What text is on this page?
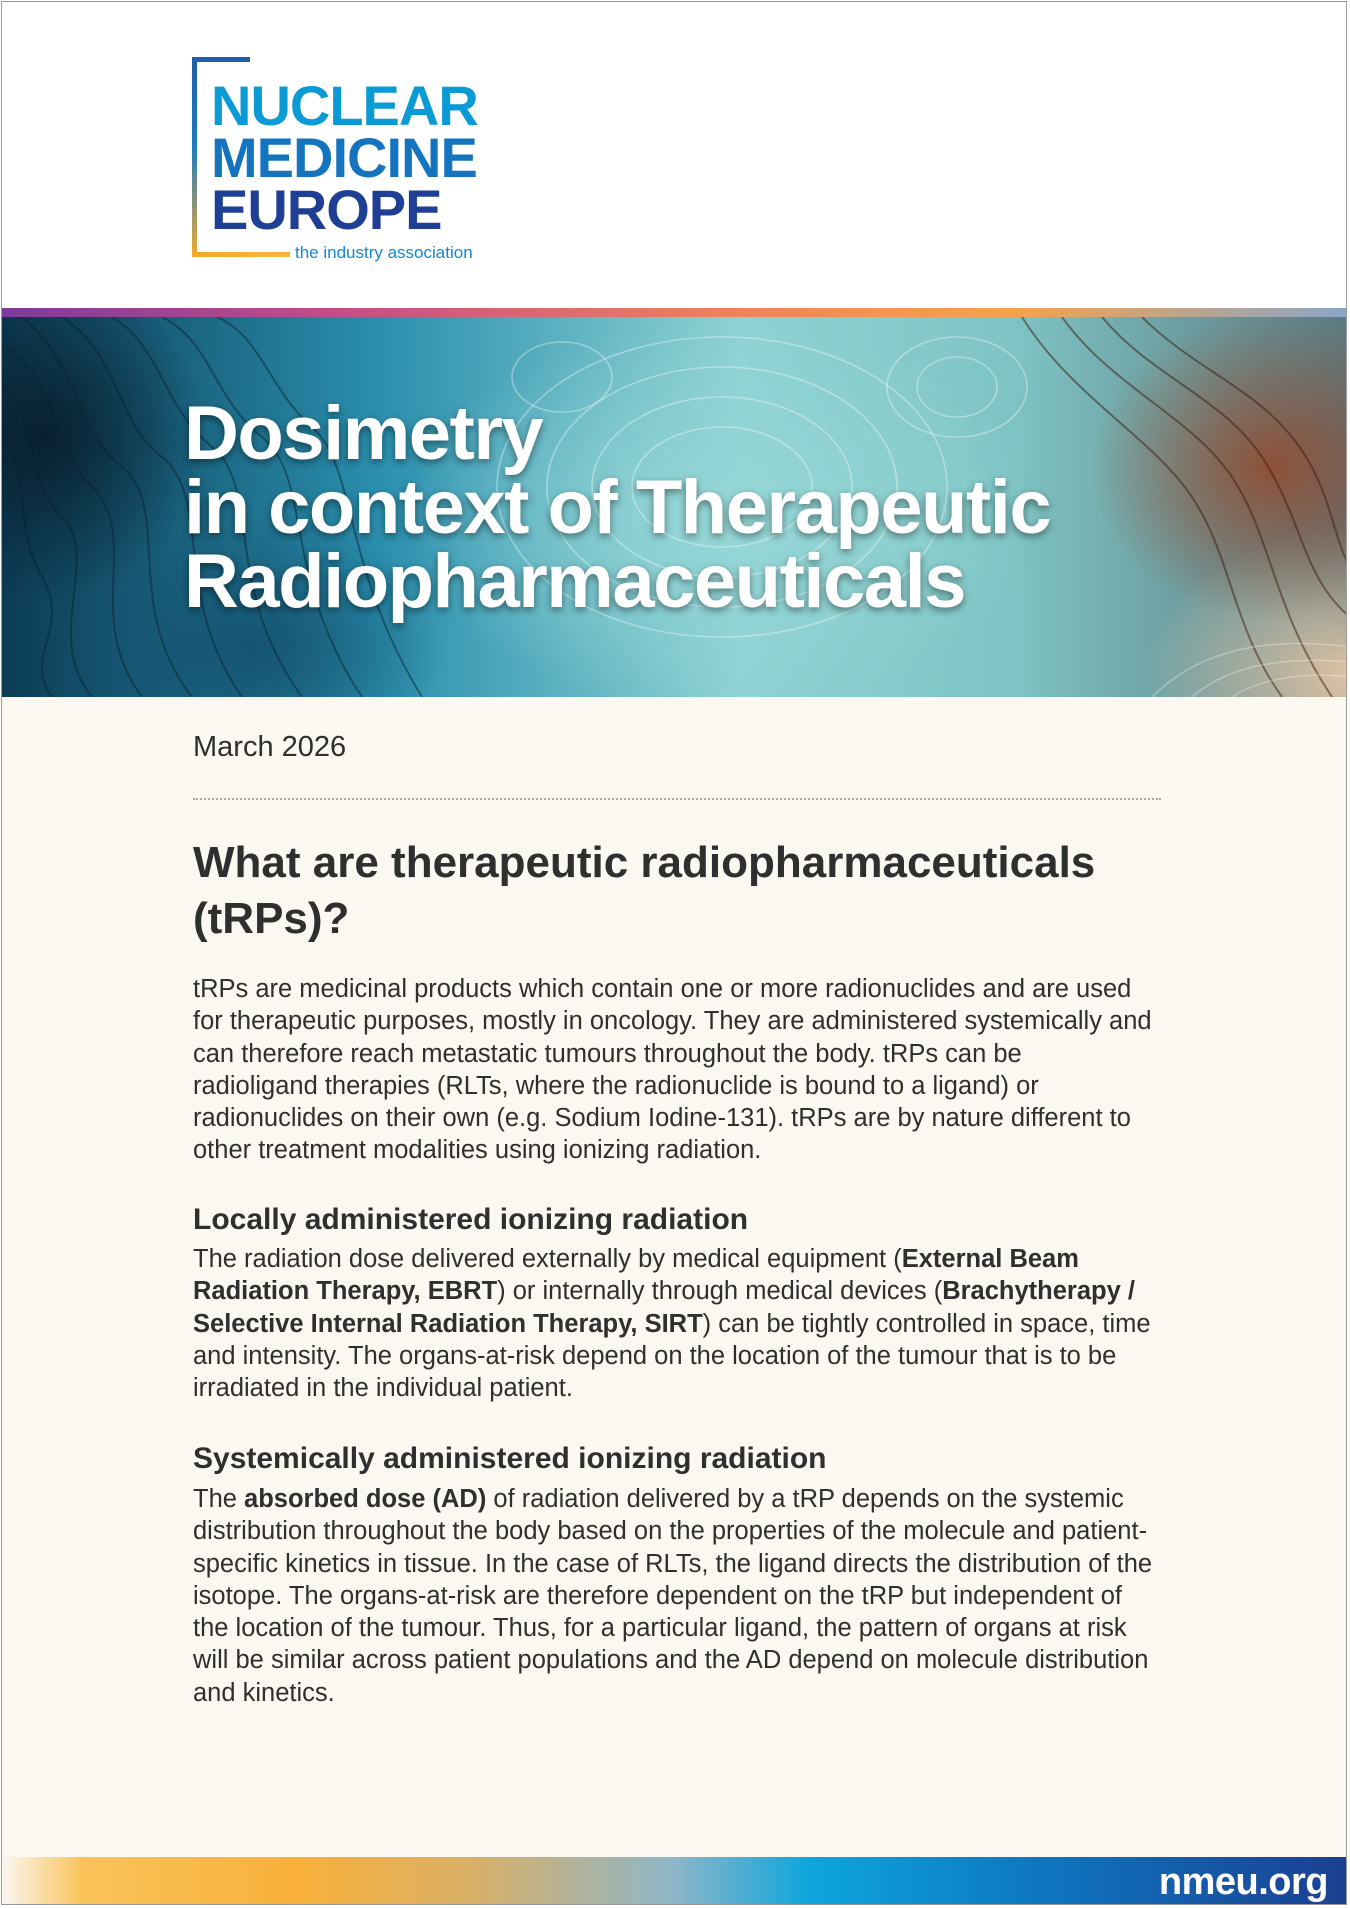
NUCLEAR
MEDICINE
EUROPE
the industry association
Dosimetry
in context of Therapeutic
Radiopharmaceuticals

March 2026

What are therapeutic radiopharmaceuticals (tRPs)?

tRPs are medicinal products which contain one or more radionuclides and are used for therapeutic purposes, mostly in oncology. They are administered systemically and can therefore reach metastatic tumours throughout the body. tRPs can be radioligand therapies (RLTs, where the radionuclide is bound to a ligand) or radionuclides on their own (e.g. Sodium Iodine-131). tRPs are by nature different to other treatment modalities using ionizing radiation.

Locally administered ionizing radiation

The radiation dose delivered externally by medical equipment (External Beam Radiation Therapy, EBRT) or internally through medical devices (Brachytherapy / Selective Internal Radiation Therapy, SIRT) can be tightly controlled in space, time and intensity. The organs-at-risk depend on the location of the tumour that is to be irradiated in the individual patient.

Systemically administered ionizing radiation

The absorbed dose (AD) of radiation delivered by a tRP depends on the systemic distribution throughout the body based on the properties of the molecule and patient-specific kinetics in tissue. In the case of RLTs, the ligand directs the distribution of the isotope. The organs-at-risk are therefore dependent on the tRP but independent of the location of the tumour. Thus, for a particular ligand, the pattern of organs at risk will be similar across patient populations and the AD depend on molecule distribution and kinetics.

nmeu.org
